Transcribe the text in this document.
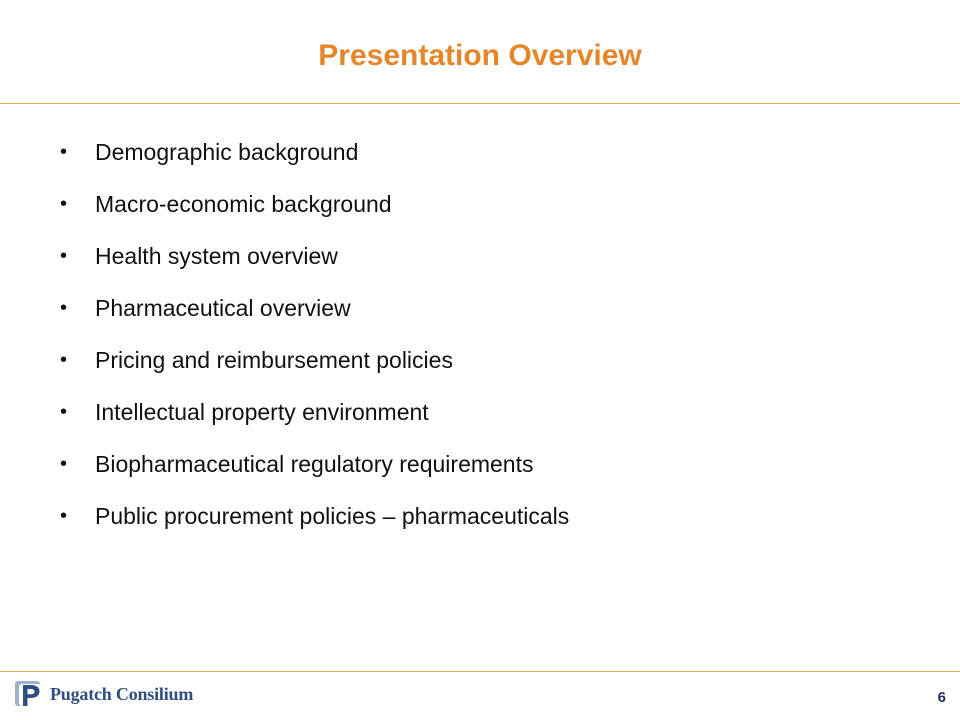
Presentation Overview
•	Demographic background
•	Macro-economic background
•	Health system overview
•	Pharmaceutical overview
•	Pricing and reimbursement policies
•	Intellectual property environment
•	Biopharmaceutical regulatory requirements
•	Public procurement policies – pharmaceuticals
Pugatch Consilium	6
